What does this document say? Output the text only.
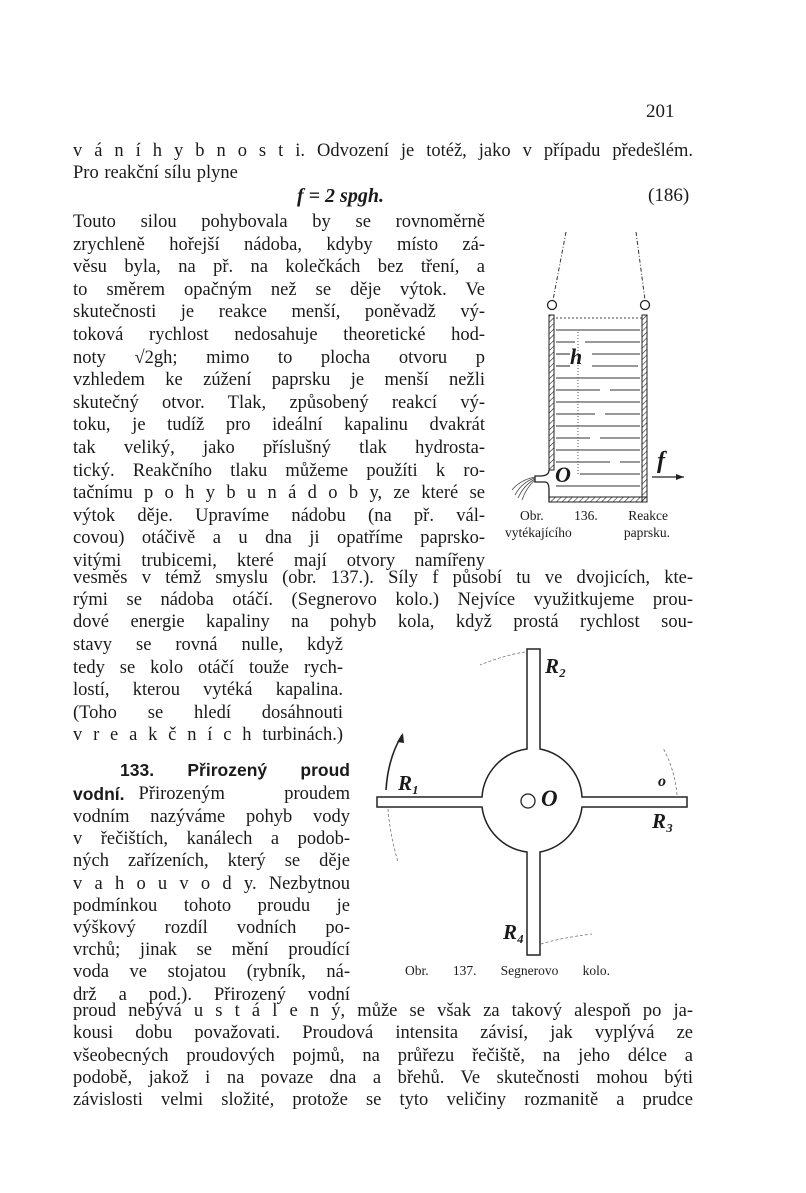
201
v á n í h y b n o s t i. Odvození je totéž, jako v případu předešlém.
Pro reakční sílu plyne
Touto silou pohybovala by se rovnoměrně
zrychleně hořejší nádoba, kdyby místo zá-
věsu byla, na př. na kolečkách bez tření, a
to směrem opačným než se děje výtok. Ve
skutečnosti je reakce menší, poněvadž vý-
toková rychlost nedosahuje theoretické hod-
noty √2gh; mimo to plocha otvoru p
vzhledem ke zúžení paprsku je menší nežli
skutečný otvor. Tlak, způsobený reakcí vý-
toku, je tudíž pro ideální kapalinu dvakrát
tak veliký, jako příslušný tlak hydrosta-
tický. Reakčního tlaku můžeme použíti k ro-
tačnímu p o h y b u n á d o b y, ze které se
výtok děje. Upravíme nádobu (na př. vál-
covou) otáčivě a u dna ji opatříme paprsko-
vitými trubicemi, které mají otvory namířeny
vesměs v témž smyslu (obr. 137.). Síly f působí tu ve dvojicích, kte-
rými se nádoba otáčí. (Segnerovo kolo.) Nejvíce využitkujeme prou-
dové energie kapaliny na pohyb kola, když prostá rychlost sou-
stavy se rovná nulle, když
tedy se kolo otáčí touže rych-
lostí, kterou vytéká kapalina.
(Toho se hledí dosáhnouti
v r e a k č n í c h turbinách.)
vodním nazýváme pohyb vody
v řečištích, kanálech a podob-
ných zařízeních, který se děje
v a h o u v o d y. Nezbytnou
podmínkou tohoto proudu je
výškový rozdíl vodních po-
vrchů; jinak se mění proudící
voda ve stojatou (rybník, ná-
drž a pod.). Přirozený vodní
proud nebývá u s t á l e n ý, může se však za takový alespoň po ja-
kousi dobu považovati. Proudová intensita závisí, jak vyplývá ze
všeobecných proudových pojmů, na průřezu řečiště, na jeho délce a
podobě, jakož i na povaze dna a břehů. Ve skutečnosti mohou býti
závislosti velmi složité, protože se tyto veličiny rozmanitě a prudce
f = 2 spgh.	(186)
133. Přirozený proud
vodní. Přirozeným proudem
h
O
f
Obr. 136. Reakce
vytékajícího paprsku.
R₂
R₁
O
o
R₃
R₄
Obr. 137. Segnerovo kolo.
